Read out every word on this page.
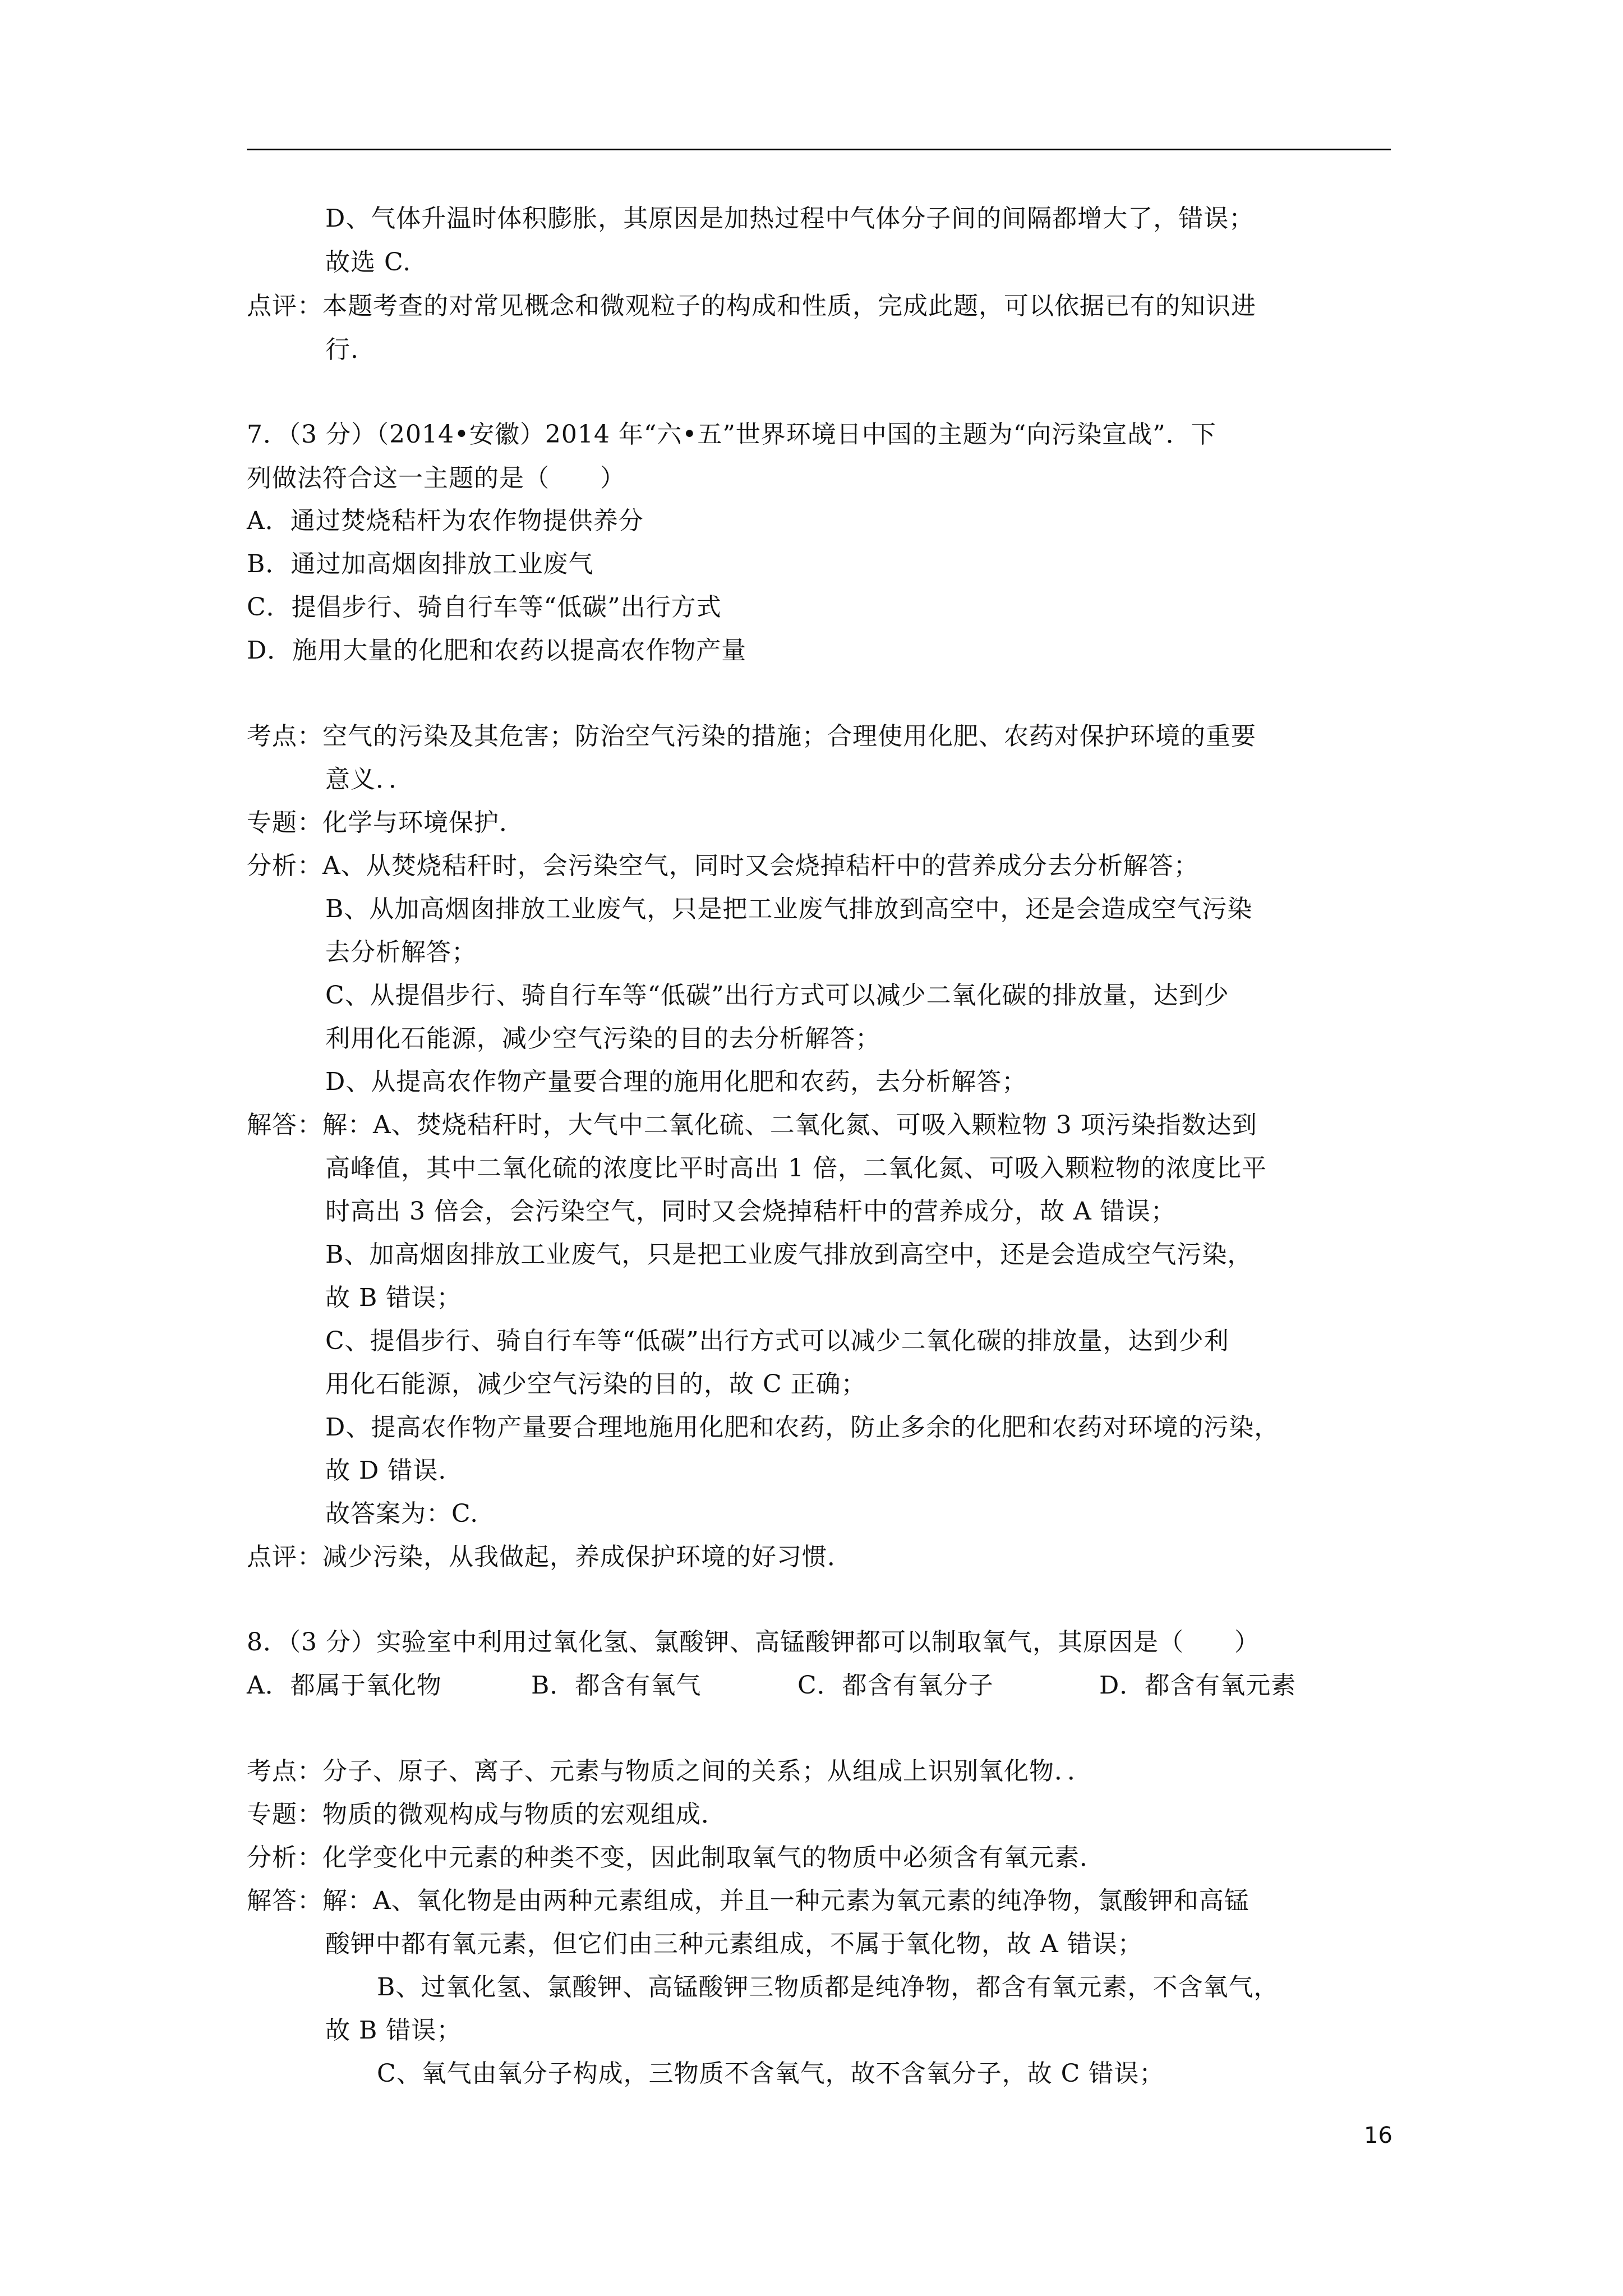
D、气体升温时体积膨胀，其原因是加热过程中气体分子间的间隔都增大了，错误；
故选 C.
点评：本题考查的对常见概念和微观粒子的构成和性质，完成此题，可以依据已有的知识进
行.
7．（3 分）（2014•安徽）2014 年“六•五”世界环境日中国的主题为“向污染宣战”．下
列做法符合这一主题的是（　　）
A．通过焚烧秸杆为农作物提供养分
B．通过加高烟囱排放工业废气
C．提倡步行、骑自行车等“低碳”出行方式
D．施用大量的化肥和农药以提高农作物产量
考点：空气的污染及其危害；防治空气污染的措施；合理使用化肥、农药对保护环境的重要
意义．．
专题：化学与环境保护．
分析：A、从焚烧秸秆时，会污染空气，同时又会烧掉秸杆中的营养成分去分析解答；
B、从加高烟囱排放工业废气，只是把工业废气排放到高空中，还是会造成空气污染
去分析解答；
C、从提倡步行、骑自行车等“低碳”出行方式可以减少二氧化碳的排放量，达到少
利用化石能源，减少空气污染的目的去分析解答；
D、从提高农作物产量要合理的施用化肥和农药，去分析解答；
解答：解：A、焚烧秸秆时，大气中二氧化硫、二氧化氮、可吸入颗粒物 3 项污染指数达到
高峰值，其中二氧化硫的浓度比平时高出 1 倍，二氧化氮、可吸入颗粒物的浓度比平
时高出 3 倍会，会污染空气，同时又会烧掉秸杆中的营养成分，故 A 错误；
B、加高烟囱排放工业废气，只是把工业废气排放到高空中，还是会造成空气污染，
故 B 错误；
C、提倡步行、骑自行车等“低碳”出行方式可以减少二氧化碳的排放量，达到少利
用化石能源，减少空气污染的目的，故 C 正确；
D、提高农作物产量要合理地施用化肥和农药，防止多余的化肥和农药对环境的污染，
故 D 错误.
故答案为：C.
点评：减少污染，从我做起，养成保护环境的好习惯．
8．（3 分）实验室中利用过氧化氢、氯酸钾、高锰酸钾都可以制取氧气，其原因是（　　）
A．都属于氧化物	B．都含有氧气	C．都含有氧分子	D．都含有氧元素
考点：分子、原子、离子、元素与物质之间的关系；从组成上识别氧化物．．
专题：物质的微观构成与物质的宏观组成．
分析：化学变化中元素的种类不变，因此制取氧气的物质中必须含有氧元素．
解答：解：A、氧化物是由两种元素组成，并且一种元素为氧元素的纯净物，氯酸钾和高锰
酸钾中都有氧元素，但它们由三种元素组成，不属于氧化物，故 A 错误；
B、过氧化氢、氯酸钾、高锰酸钾三物质都是纯净物，都含有氧元素，不含氧气，
故 B 错误；
C、氧气由氧分子构成，三物质不含氧气，故不含氧分子，故 C 错误；
16
